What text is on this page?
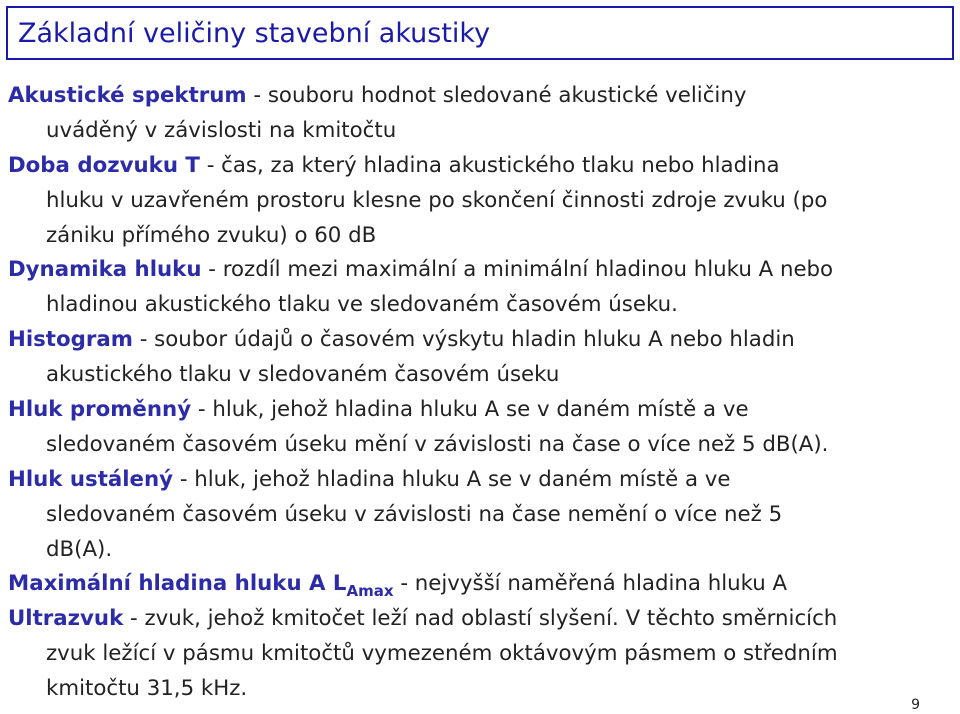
Základní veličiny stavební akustiky
Akustické spektrum - souboru hodnot sledované akustické veličiny
uváděný v závislosti na kmitočtu
Doba dozvuku T - čas, za který hladina akustického tlaku nebo hladina
hluku v uzavřeném prostoru klesne po skončení činnosti zdroje zvuku (po
zániku přímého zvuku) o 60 dB
Dynamika hluku - rozdíl mezi maximální a minimální hladinou hluku A nebo
hladinou akustického tlaku ve sledovaném časovém úseku.
Histogram - soubor údajů o časovém výskytu hladin hluku A nebo hladin
akustického tlaku v sledovaném časovém úseku
Hluk proměnný - hluk, jehož hladina hluku A se v daném místě a ve
sledovaném časovém úseku mění v závislosti na čase o více než 5 dB(A).
Hluk ustálený - hluk, jehož hladina hluku A se v daném místě a ve
sledovaném časovém úseku v závislosti na čase nemění o více než 5
dB(A).
Maximální hladina hluku A $L_{Amax}$ - nejvyšší naměřená hladina hluku A
Ultrazvuk - zvuk, jehož kmitočet leží nad oblastí slyšení. V těchto směrnicích
zvuk ležící v pásmu kmitočtů vymezeném oktávovým pásmem o středním
kmitočtu 31,5 kHz.
9
